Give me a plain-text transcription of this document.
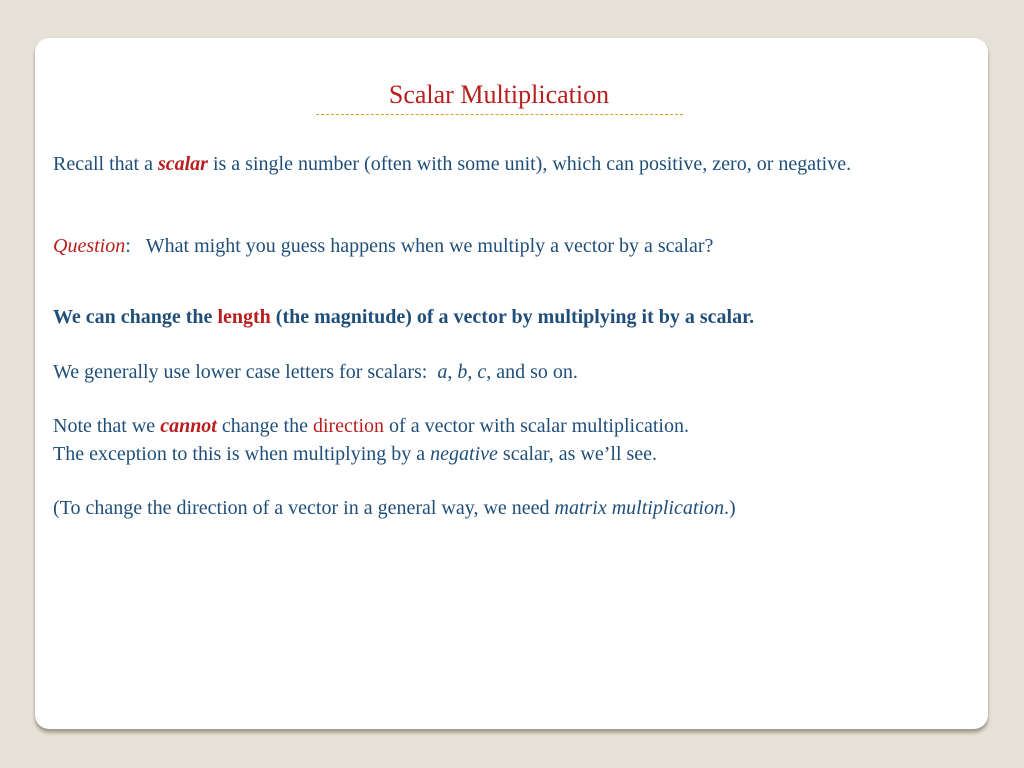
Scalar Multiplication
Recall that a scalar is a single number (often with some unit), which can positive, zero, or negative.
Question: What might you guess happens when we multiply a vector by a scalar?
We can change the length (the magnitude) of a vector by multiplying it by a scalar.
We generally use lower case letters for scalars: a, b, c, and so on.
Note that we cannot change the direction of a vector with scalar multiplication.
The exception to this is when multiplying by a negative scalar, as we’ll see.
(To change the direction of a vector in a general way, we need matrix multiplication.)
